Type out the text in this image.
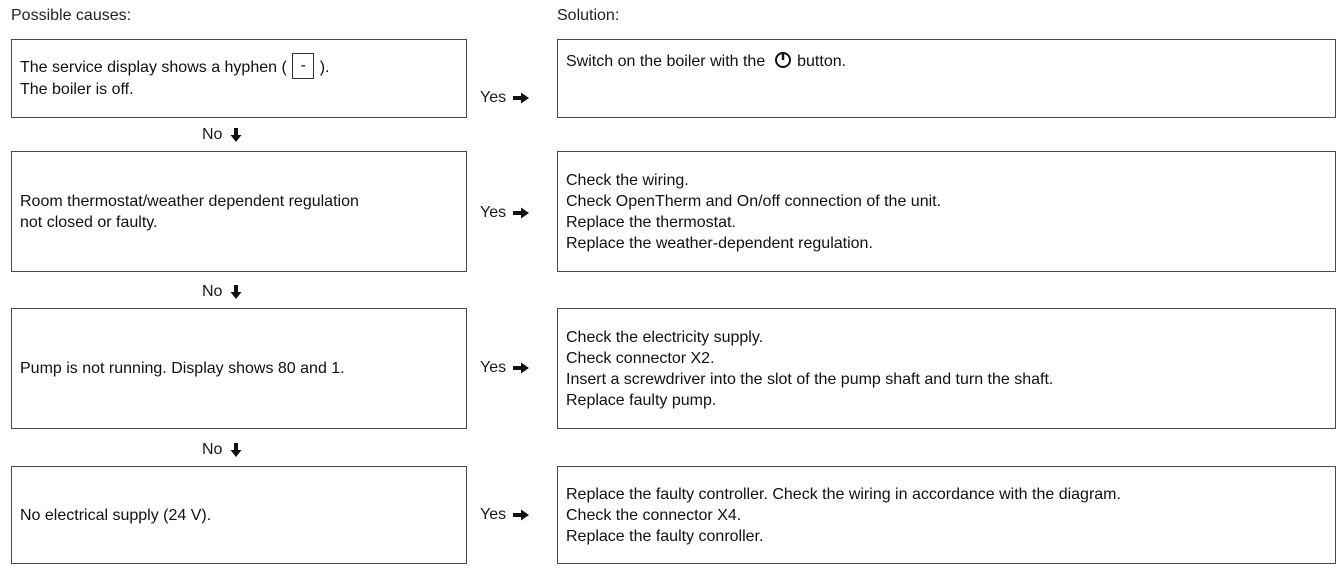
Possible causes:	Solution:
The service display shows a hyphen ( - ).
The boiler is off.	Yes
Switch on the boiler with the button.
No
Room thermostat/weather dependent regulation
not closed or faulty.
Yes
Check the wiring.
Check OpenTherm and On/off connection of the unit.
Replace the thermostat.
Replace the weather-dependent regulation.
No
Pump is not running. Display shows 80 and 1.	Yes
Check the electricity supply.
Check connector X2.
Insert a screwdriver into the slot of the pump shaft and turn the shaft.
Replace faulty pump.
No
No electrical supply (24 V).	Yes
Replace the faulty controller. Check the wiring in accordance with the diagram.
Check the connector X4.
Replace the faulty conroller.
